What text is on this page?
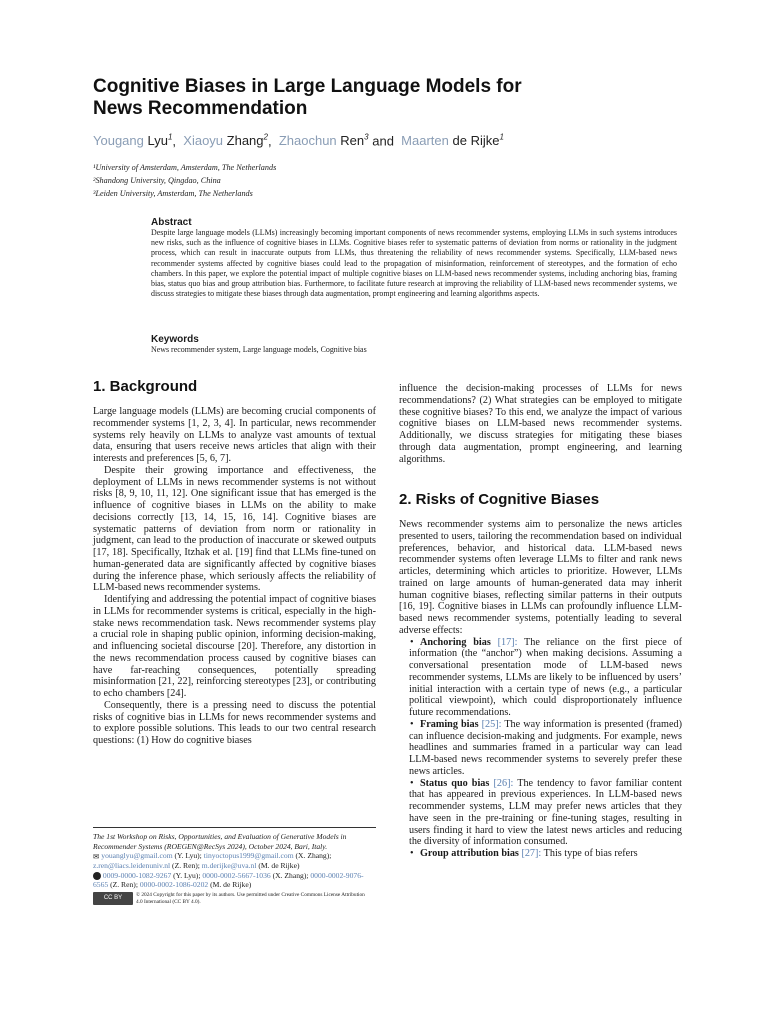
Cognitive Biases in Large Language Models for
News Recommendation
Yougang Lyu$^1$, Xiaoyu Zhang$^2$, Zhaochun Ren$^3$ and Maarten de Rijke$^1$
¹University of Amsterdam, Amsterdam, The Netherlands
²Shandong University, Qingdao, China
³Leiden University, Amsterdam, The Netherlands
Abstract

Despite large language models (LLMs) increasingly becoming important components of news recommender systems, employing LLMs in such systems introduces new risks, such as the influence of cognitive biases in LLMs. Cognitive biases refer to systematic patterns of deviation from norms or rationality in the judgment process, which can result in inaccurate outputs from LLMs, thus threatening the reliability of news recommender systems. Specifically, LLM-based news recommender systems affected by cognitive biases could lead to the propagation of misinformation, reinforcement of stereotypes, and the formation of echo chambers. In this paper, we explore the potential impact of multiple cognitive biases on LLM-based news recommender systems, including anchoring bias, framing bias, status quo bias and group attribution bias. Furthermore, to facilitate future research at improving the reliability of LLM-based news recommender systems, we discuss strategies to mitigate these biases through data augmentation, prompt engineering and learning algorithms aspects.

Keywords

News recommender system, Large language models, Cognitive bias

1. Background

Large language models (LLMs) are becoming crucial components of recommender systems [1, 2, 3, 4]. In particular, news recommender systems rely heavily on LLMs to analyze vast amounts of textual data, ensuring that users receive news articles that align with their interests and preferences [5, 6, 7].

Despite their growing importance and effectiveness, the deployment of LLMs in news recommender systems is not without risks [8, 9, 10, 11, 12]. One significant issue that has emerged is the influence of cognitive biases in LLMs on the ability to make decisions correctly [13, 14, 15, 16, 14]. Cognitive biases are systematic patterns of deviation from norm or rationality in judgment, can lead to the production of inaccurate or skewed outputs [17, 18]. Specifically, Itzhak et al. [19] find that LLMs fine-tuned on human-generated data are significantly affected by cognitive biases during the inference phase, which seriously affects the reliability of LLM-based news recommender systems.

Identifying and addressing the potential impact of cognitive biases in LLMs for recommender systems is critical, especially in the high-stake news recommendation task. News recommender systems play a crucial role in shaping public opinion, informing decision-making, and influencing societal discourse [20]. Therefore, any distortion in the news recommendation process caused by cognitive biases can have far-reaching consequences, potentially spreading misinformation [21, 22], reinforcing stereotypes [23], or contributing to echo chambers [24].

Consequently, there is a pressing need to discuss the potential risks of cognitive bias in LLMs for news recommender systems and to explore possible solutions. This leads to our two central research questions: (1) How do cognitive biases

influence the decision-making processes of LLMs for news recommendations? (2) What strategies can be employed to mitigate these cognitive biases? To this end, we analyze the impact of various cognitive biases on LLM-based news recommender systems. Additionally, we discuss strategies for mitigating these biases through data augmentation, prompt engineering, and learning algorithms.

2. Risks of Cognitive Biases

News recommender systems aim to personalize the news articles presented to users, tailoring the recommendation based on individual preferences, behavior, and historical data. LLM-based news recommender systems often leverage LLMs to filter and rank news articles, determining which articles to prioritize. However, LLMs trained on large amounts of human-generated data may inherit human cognitive biases, reflecting similar patterns in their outputs [16, 19]. Cognitive biases in LLMs can profoundly influence LLM-based news recommender systems, potentially leading to several adverse effects:

• Anchoring bias [17]: The reliance on the first piece of information (the “anchor”) when making decisions. Assuming a conversational presentation mode of LLM-based news recommender systems, LLMs are likely to be influenced by users’ initial interaction with a certain type of news (e.g., a particular political viewpoint), which could disproportionately influence future recommendations.

• Framing bias [25]: The way information is presented (framed) can influence decision-making and judgments. For example, news headlines and summaries framed in a particular way can lead LLM-based news recommender systems to severely prefer these news articles.

• Status quo bias [26]: The tendency to favor familiar content that has appeared in previous experiences. In LLM-based news recommender systems, LLM may prefer news articles that they have seen in the pre-training or fine-tuning stages, resulting in users finding it hard to view the latest news articles and reducing the diversity of information consumed.

• Group attribution bias [27]: This type of bias refers

The 1st Workshop on Risks, Opportunities, and Evaluation of Generative Models in Recommender Systems (ROEGEN@RecSys 2024), October 2024, Bari, Italy.
✉ youanglyu@gmail.com (Y. Lyu); tinyoctopus1999@gmail.com (X. Zhang); z.ren@liacs.leidenuniv.nl (Z. Ren); m.derijke@uva.nl (M. de Rijke)
0009-0000-1082-9267 (Y. Lyu); 0000-0002-5667-1036 (X. Zhang); 0000-0002-9076-6565 (Z. Ren); 0000-0002-1086-0202 (M. de Rijke)
CC BY	© 2024 Copyright for this paper by its authors. Use permitted under Creative Commons License Attribution 4.0 International (CC BY 4.0).
